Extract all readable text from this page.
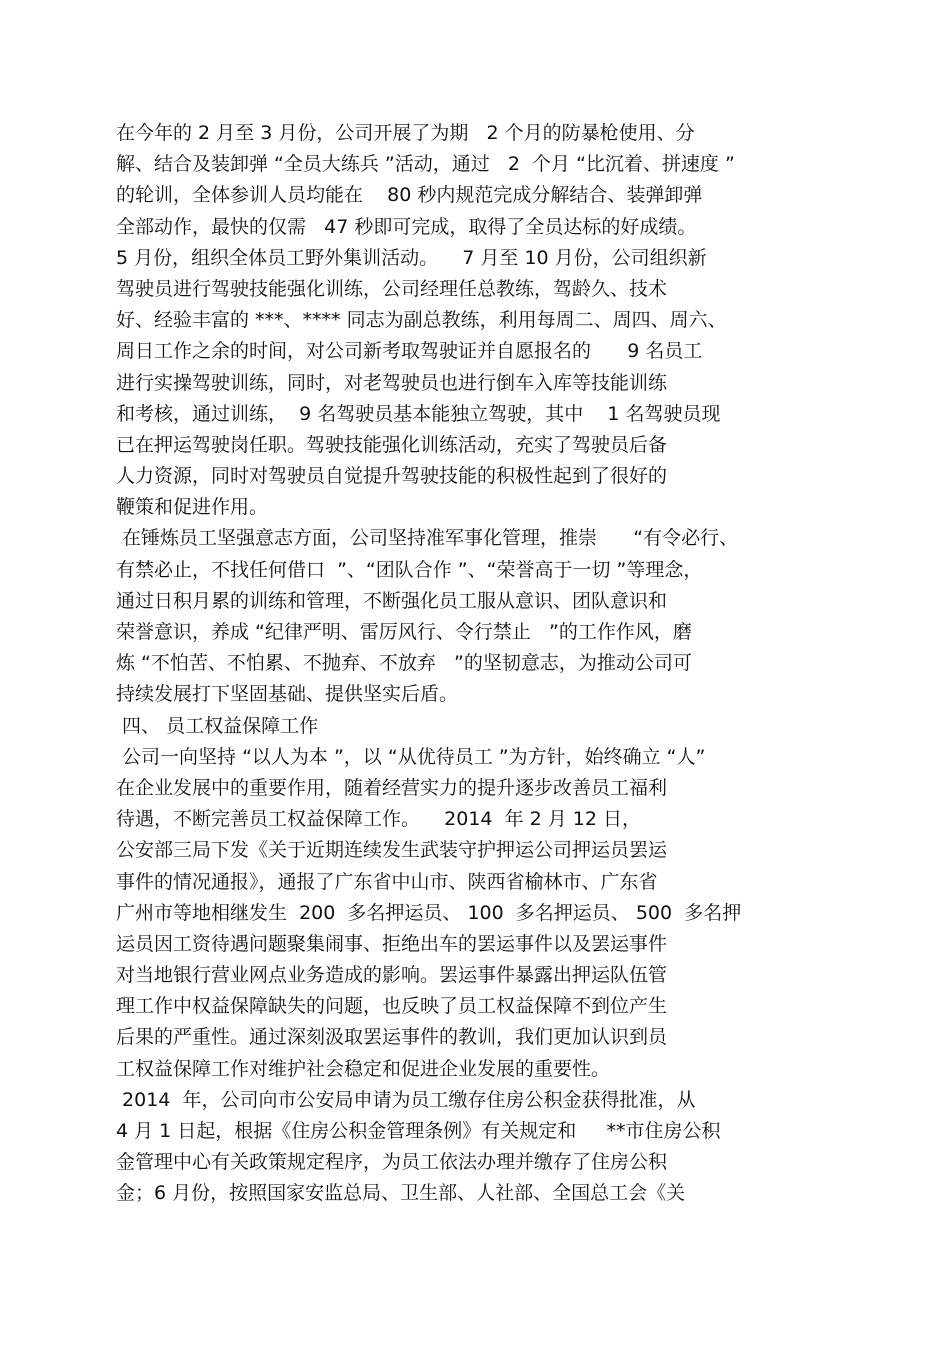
在今年的 2 月至 3 月份，公司开展了为期   2 个月的防暴枪使用、分
解、结合及装卸弹 “全员大练兵 ”活动，通过   2  个月 “比沉着、拼速度 ”
的轮训，全体参训人员均能在    80 秒内规范完成分解结合、装弹卸弹
全部动作，最快的仅需   47 秒即可完成，取得了全员达标的好成绩。
5 月份，组织全体员工野外集训活动。    7 月至 10 月份，公司组织新
驾驶员进行驾驶技能强化训练，公司经理任总教练，驾龄久、技术
好、经验丰富的 ***、**** 同志为副总教练，利用每周二、周四、周六、
周日工作之余的时间，对公司新考取驾驶证并自愿报名的      9 名员工
进行实操驾驶训练，同时，对老驾驶员也进行倒车入库等技能训练
和考核，通过训练，  9 名驾驶员基本能独立驾驶，其中    1 名驾驶员现
已在押运驾驶岗任职。驾驶技能强化训练活动，充实了驾驶员后备
人力资源，同时对驾驶员自觉提升驾驶技能的积极性起到了很好的
鞭策和促进作用。
在锤炼员工坚强意志方面，公司坚持准军事化管理，推崇      “有令必行、
有禁必止，不找任何借口  ”、“团队合作 ”、“荣誉高于一切 ”等理念，
通过日积月累的训练和管理，不断强化员工服从意识、团队意识和
荣誉意识，养成 “纪律严明、雷厉风行、令行禁止   ”的工作作风，磨
炼 “不怕苦、不怕累、不抛弃、不放弃   ”的坚韧意志，为推动公司可
持续发展打下坚固基础、提供坚实后盾。
四、 员工权益保障工作
公司一向坚持 “以人为本 ”，以 “从优待员工 ”为方针，始终确立 “人”
在企业发展中的重要作用，随着经营实力的提升逐步改善员工福利
待遇，不断完善员工权益保障工作。    2014  年 2 月 12 日，
公安部三局下发《关于近期连续发生武装守护押运公司押运员罢运
事件的情况通报》，通报了广东省中山市、陕西省榆林市、广东省
广州市等地相继发生  200  多名押运员、 100  多名押运员、 500  多名押
运员因工资待遇问题聚集闹事、拒绝出车的罢运事件以及罢运事件
对当地银行营业网点业务造成的影响。罢运事件暴露出押运队伍管
理工作中权益保障缺失的问题，也反映了员工权益保障不到位产生
后果的严重性。通过深刻汲取罢运事件的教训，我们更加认识到员
工权益保障工作对维护社会稳定和促进企业发展的重要性。
2014  年，公司向市公安局申请为员工缴存住房公积金获得批准，从
4 月 1 日起，根据《住房公积金管理条例》有关规定和     **市住房公积
金管理中心有关政策规定程序，为员工依法办理并缴存了住房公积
金；6 月份，按照国家安监总局、卫生部、人社部、全国总工会《关
